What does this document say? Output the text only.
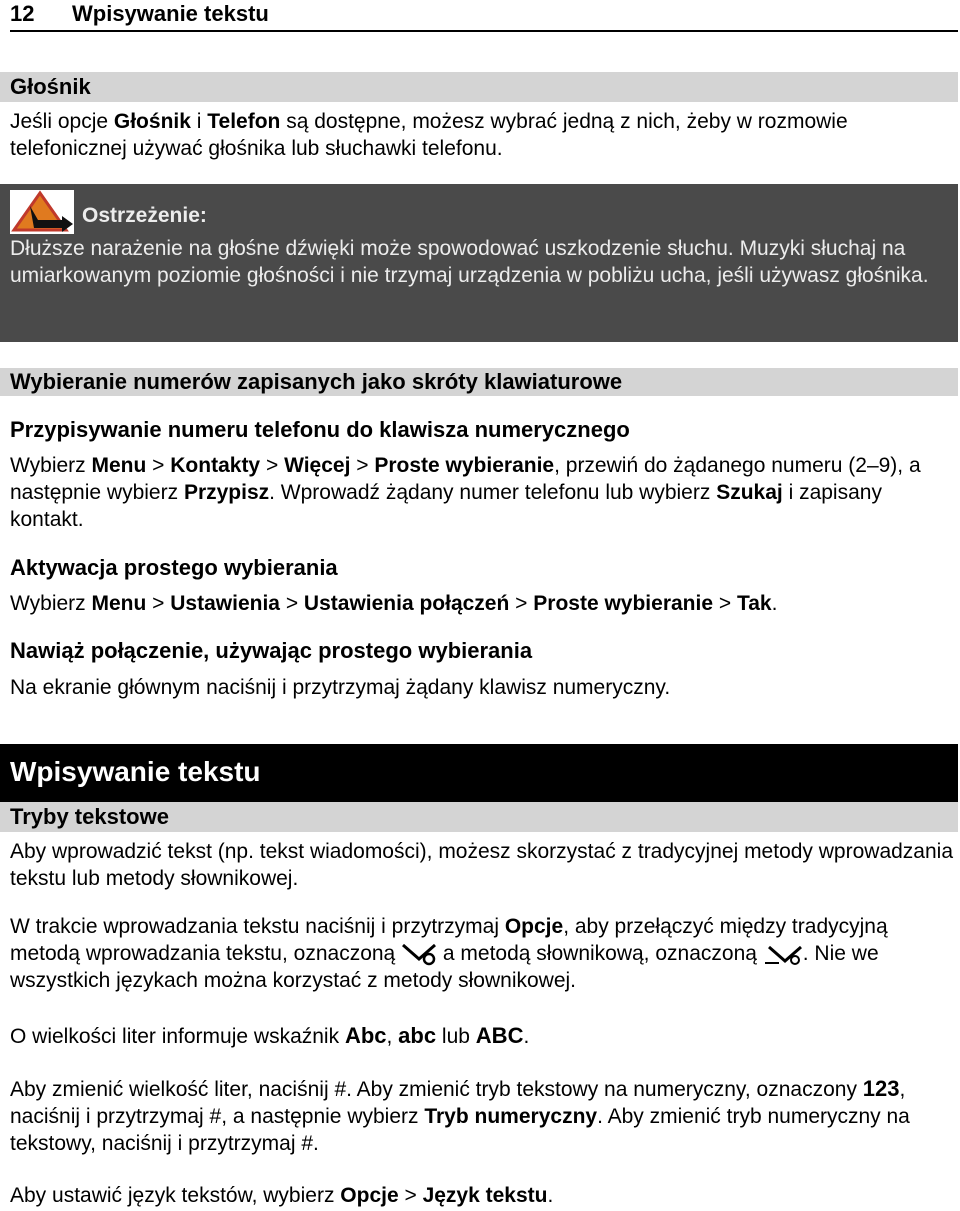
12 Wpisywanie tekstu
Głośnik

Jeśli opcje Głośnik i Telefon są dostępne, możesz wybrać jedną z nich, żeby w rozmowie telefonicznej używać głośnika lub słuchawki telefonu.

Ostrzeżenie:
Dłuższe narażenie na głośne dźwięki może spowodować uszkodzenie słuchu. Muzyki słuchaj na umiarkowanym poziomie głośności i nie trzymaj urządzenia w pobliżu ucha, jeśli używasz głośnika.
Wybieranie numerów zapisanych jako skróty klawiaturowe
Przypisywanie numeru telefonu do klawisza numerycznego

Wybierz Menu > Kontakty > Więcej > Proste wybieranie, przewiń do żądanego numeru (2–9), a następnie wybierz Przypisz. Wprowadź żądany numer telefonu lub wybierz Szukaj i zapisany kontakt.

Aktywacja prostego wybierania

Wybierz Menu > Ustawienia > Ustawienia połączeń > Proste wybieranie > Tak.

Nawiąż połączenie, używając prostego wybierania

Na ekranie głównym naciśnij i przytrzymaj żądany klawisz numeryczny.

Wpisywanie tekstu
Tryby tekstowe

Aby wprowadzić tekst (np. tekst wiadomości), możesz skorzystać z tradycyjnej metody wprowadzania tekstu lub metody słownikowej.

W trakcie wprowadzania tekstu naciśnij i przytrzymaj Opcje, aby przełączyć między tradycyjną metodą wprowadzania tekstu, oznaczoną  a metodą słownikową, oznaczoną . Nie we wszystkich językach można korzystać z metody słownikowej.

O wielkości liter informuje wskaźnik Abc, abc lub ABC.

Aby zmienić wielkość liter, naciśnij #. Aby zmienić tryb tekstowy na numeryczny, oznaczony 123, naciśnij i przytrzymaj #, a następnie wybierz Tryb numeryczny. Aby zmienić tryb numeryczny na tekstowy, naciśnij i przytrzymaj #.

Aby ustawić język tekstów, wybierz Opcje > Język tekstu.
